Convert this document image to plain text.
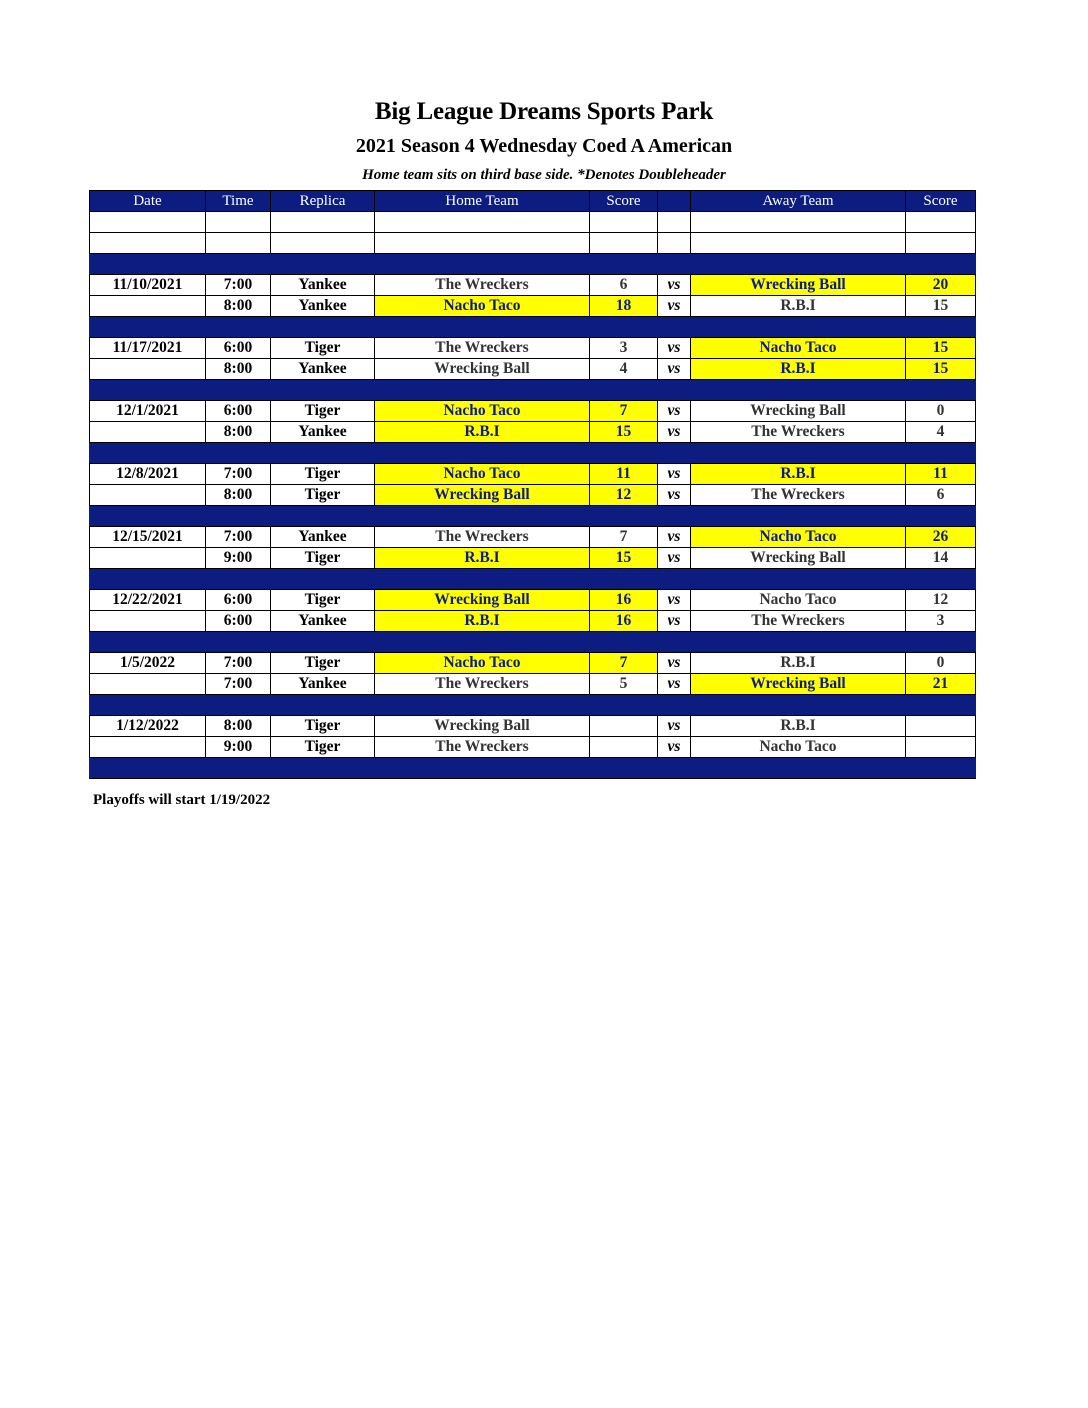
Big League Dreams Sports Park
2021 Season 4 Wednesday Coed A American
Home team sits on third base side. *Denotes Doubleheader
Date	Time	Replica	Home Team	Score		Away Team	Score

11/10/2021	7:00	Yankee	The Wreckers	6	vs	Wrecking Ball	20
	8:00	Yankee	Nacho Taco	18	vs	R.B.I	15

11/17/2021	6:00	Tiger	The Wreckers	3	vs	Nacho Taco	15
	8:00	Yankee	Wrecking Ball	4	vs	R.B.I	15

12/1/2021	6:00	Tiger	Nacho Taco	7	vs	Wrecking Ball	0
	8:00	Yankee	R.B.I	15	vs	The Wreckers	4

12/8/2021	7:00	Tiger	Nacho Taco	11	vs	R.B.I	11
	8:00	Tiger	Wrecking Ball	12	vs	The Wreckers	6

12/15/2021	7:00	Yankee	The Wreckers	7	vs	Nacho Taco	26
	9:00	Tiger	R.B.I	15	vs	Wrecking Ball	14

12/22/2021	6:00	Tiger	Wrecking Ball	16	vs	Nacho Taco	12
	6:00	Yankee	R.B.I	16	vs	The Wreckers	3

1/5/2022	7:00	Tiger	Nacho Taco	7	vs	R.B.I	0
	7:00	Yankee	The Wreckers	5	vs	Wrecking Ball	21

1/12/2022	8:00	Tiger	Wrecking Ball		vs	R.B.I	
	9:00	Tiger	The Wreckers		vs	Nacho Taco	

Playoffs will start 1/19/2022
